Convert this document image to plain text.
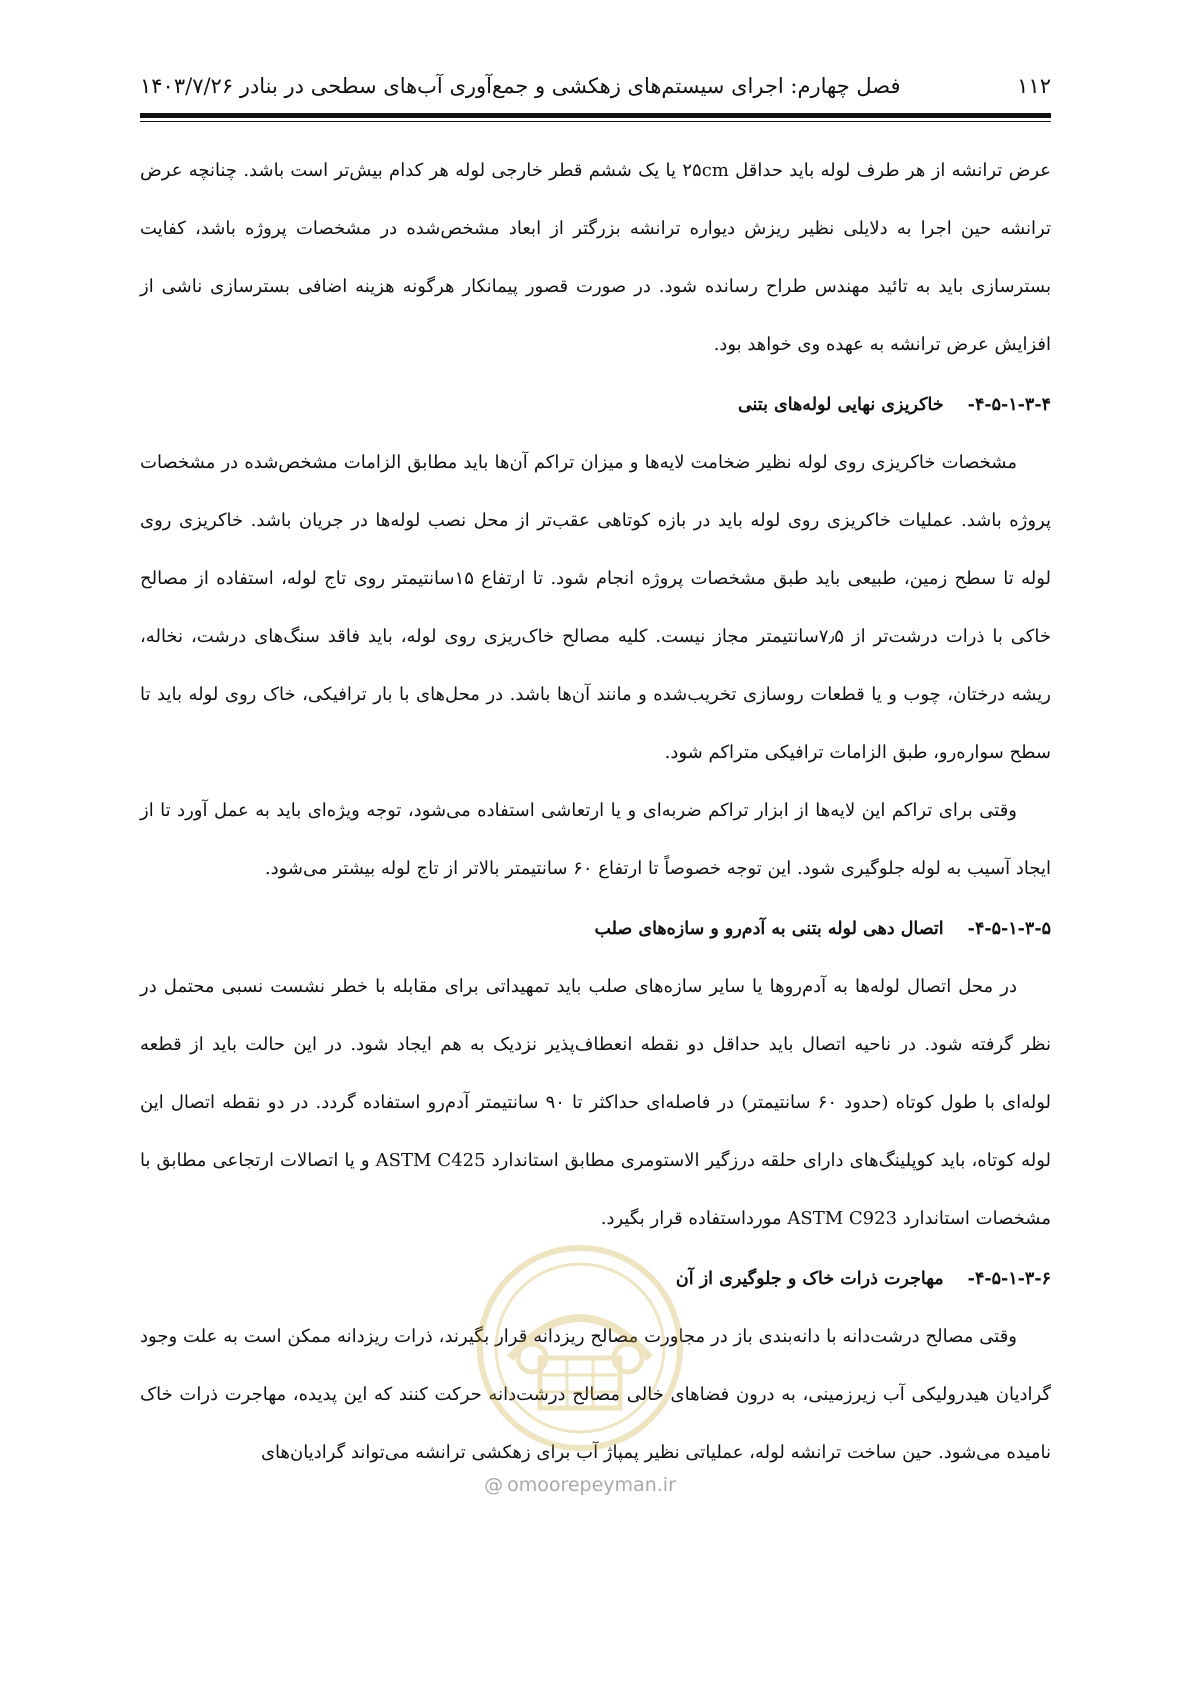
۱۱۲
فصل چهارم: اجرای سیستم‌های زهکشی و جمع‌آوری آب‌های سطحی در بنادر ۱۴۰۳/۷/۲۶

عرض ترانشه از هر طرف لوله باید حداقل ۲۵cm یا یک ششم قطر خارجی لوله هر کدام بیش‌تر است باشد. چنانچه عرض ترانشه حین اجرا به دلایلی نظیر ریزش دیواره ترانشه بزرگتر از ابعاد مشخص‌شده در مشخصات پروژه باشد، کفایت بسترسازی باید به تائید مهندس طراح رسانده شود. در صورت قصور پیمانکار هرگونه هزینه اضافی بسترسازی ناشی از افزایش عرض ترانشه به عهده وی خواهد بود.

۴-۵-۱-۳-۴-خاکریزی نهایی لوله‌های بتنی

مشخصات خاکریزی روی لوله نظیر ضخامت لایه‌ها و میزان تراکم آن‌ها باید مطابق الزامات مشخص‌شده در مشخصات پروژه باشد. عملیات خاکریزی روی لوله باید در بازه کوتاهی عقب‌تر از محل نصب لوله‌ها در جریان باشد. خاکریزی روی لوله تا سطح زمین، طبیعی باید طبق مشخصات پروژه انجام شود. تا ارتفاع ۱۵سانتیمتر روی تاج لوله، استفاده از مصالح خاکی با ذرات درشت‌تر از ۷٫۵سانتیمتر مجاز نیست. کلیه مصالح خاک‌ریزی روی لوله، باید فاقد سنگ‌های درشت، نخاله، ریشه درختان، چوب و یا قطعات روسازی تخریب‌شده و مانند آن‌ها باشد. در محل‌های با بار ترافیکی، خاک روی لوله باید تا سطح سواره‌رو، طبق الزامات ترافیکی متراکم شود.

وقتی برای تراکم این لایه‌ها از ابزار تراکم ضربه‌ای و یا ارتعاشی استفاده می‌شود، توجه ویژه‌ای باید به عمل آورد تا از ایجاد آسیب به لوله جلوگیری شود. این توجه خصوصاً تا ارتفاع ۶۰ سانتیمتر بالاتر از تاج لوله بیشتر می‌شود.

۴-۵-۱-۳-۵-اتصال دهی لوله بتنی به آدم‌رو و سازه‌های صلب

در محل اتصال لوله‌ها به آدم‌روها یا سایر سازه‌های صلب باید تمهیداتی برای مقابله با خطر نشست نسبی محتمل در نظر گرفته شود. در ناحیه اتصال باید حداقل دو نقطه انعطاف‌پذیر نزدیک به هم ایجاد شود. در این حالت باید از قطعه لوله‌ای با طول کوتاه (حدود ۶۰ سانتیمتر) در فاصله‌ای حداکثر تا ۹۰ سانتیمتر آدم‌رو استفاده گردد. در دو نقطه اتصال این لوله کوتاه، باید کوپلینگ‌های دارای حلقه درزگیر الاستومری مطابق استاندارد ASTM C425 و یا اتصالات ارتجاعی مطابق با مشخصات استاندارد ASTM C923 مورداستفاده قرار بگیرد.

۴-۵-۱-۳-۶-مهاجرت ذرات خاک و جلوگیری از آن

وقتی مصالح درشت‌دانه با دانه‌بندی باز در مجاورت مصالح ریزدانه قرار بگیرند، ذرات ریزدانه ممکن است به علت وجود گرادیان هیدرولیکی آب زیرزمینی، به درون فضاهای خالی مصالح درشت‌دانه حرکت کنند که این پدیده، مهاجرت ذرات خاک نامیده می‌شود. حین ساخت ترانشه لوله، عملیاتی نظیر پمپاژ آب برای زهکشی ترانشه می‌تواند گرادیان‌های

@ omoorepeyman.ir
